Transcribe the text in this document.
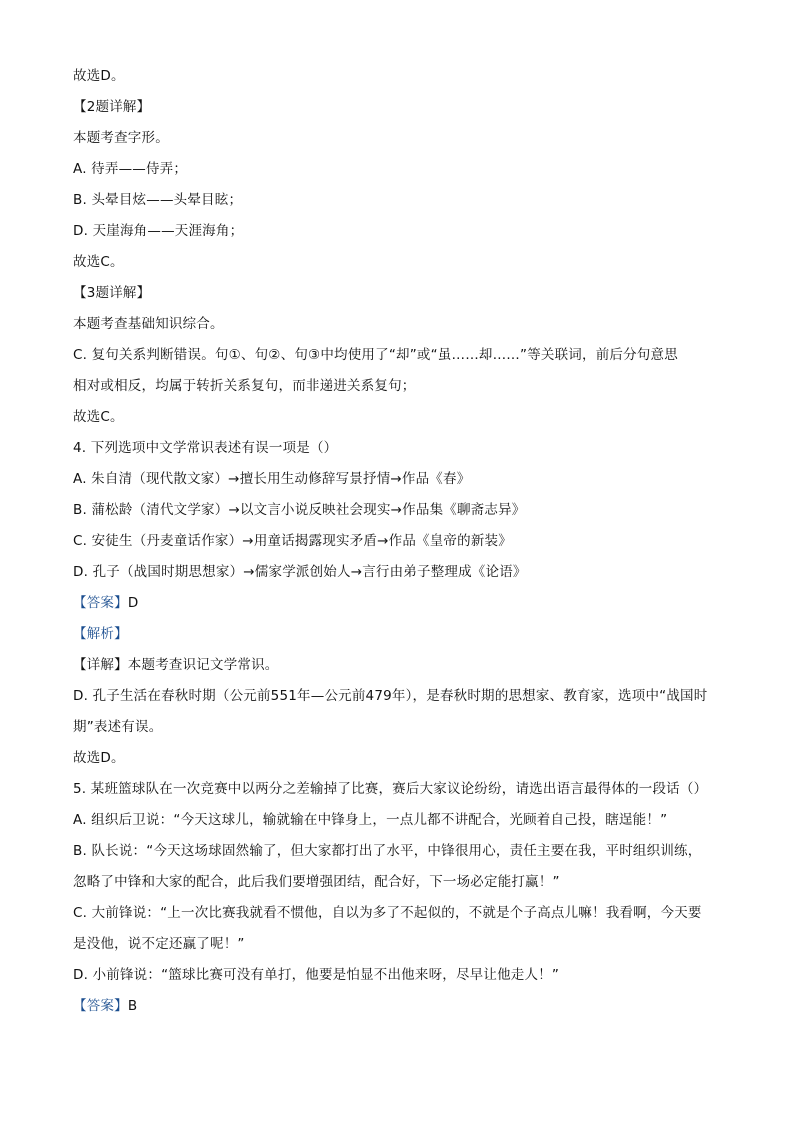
故选D。
【2题详解】
本题考查字形。
A. 待弄——侍弄；
B. 头晕目炫——头晕目眩；
D. 天崖海角——天涯海角；
故选C。
【3题详解】
本题考查基础知识综合。
C. 复句关系判断错误。句①、句②、句③中均使用了“却”或“虽……却……”等关联词，前后分句意思
相对或相反，均属于转折关系复句，而非递进关系复句；
故选C。
4. 下列选项中文学常识表述有误一项是（）
A. 朱自清（现代散文家）→擅长用生动修辞写景抒情→作品《春》
B. 蒲松龄（清代文学家）→以文言小说反映社会现实→作品集《聊斋志异》
C. 安徒生（丹麦童话作家）→用童话揭露现实矛盾→作品《皇帝的新装》
D. 孔子（战国时期思想家）→儒家学派创始人→言行由弟子整理成《论语》
【答案】D
【解析】
【详解】本题考查识记文学常识。
D. 孔子生活在春秋时期（公元前551年—公元前479年），是春秋时期的思想家、教育家，选项中“战国时
期”表述有误。
故选D。
5. 某班篮球队在一次竞赛中以两分之差输掉了比赛，赛后大家议论纷纷，请选出语言最得体的一段话（）
A. 组织后卫说：“今天这球儿，输就输在中锋身上，一点儿都不讲配合，光顾着自己投，瞎逞能！”
B. 队长说：“今天这场球固然输了，但大家都打出了水平，中锋很用心，责任主要在我，平时组织训练，
忽略了中锋和大家的配合，此后我们要增强团结，配合好，下一场必定能打赢！”
C. 大前锋说：“上一次比赛我就看不惯他，自以为多了不起似的，不就是个子高点儿嘛！我看啊，今天要
是没他，说不定还赢了呢！”
D. 小前锋说：“篮球比赛可没有单打，他要是怕显不出他来呀，尽早让他走人！”
【答案】B
